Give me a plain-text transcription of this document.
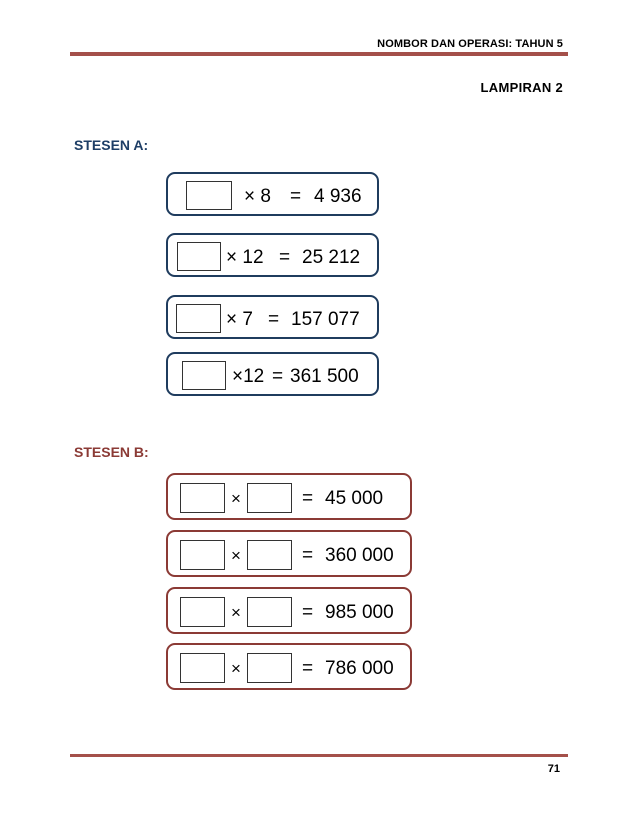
NOMBOR DAN OPERASI: TAHUN 5
LAMPIRAN 2
STESEN A:
× 8 = 4 936
× 12 = 25 212
× 7 = 157 077
×12 = 361 500
STESEN B:
×	= 45 000
×	= 360 000
×	= 985 000
×	= 786 000
71
